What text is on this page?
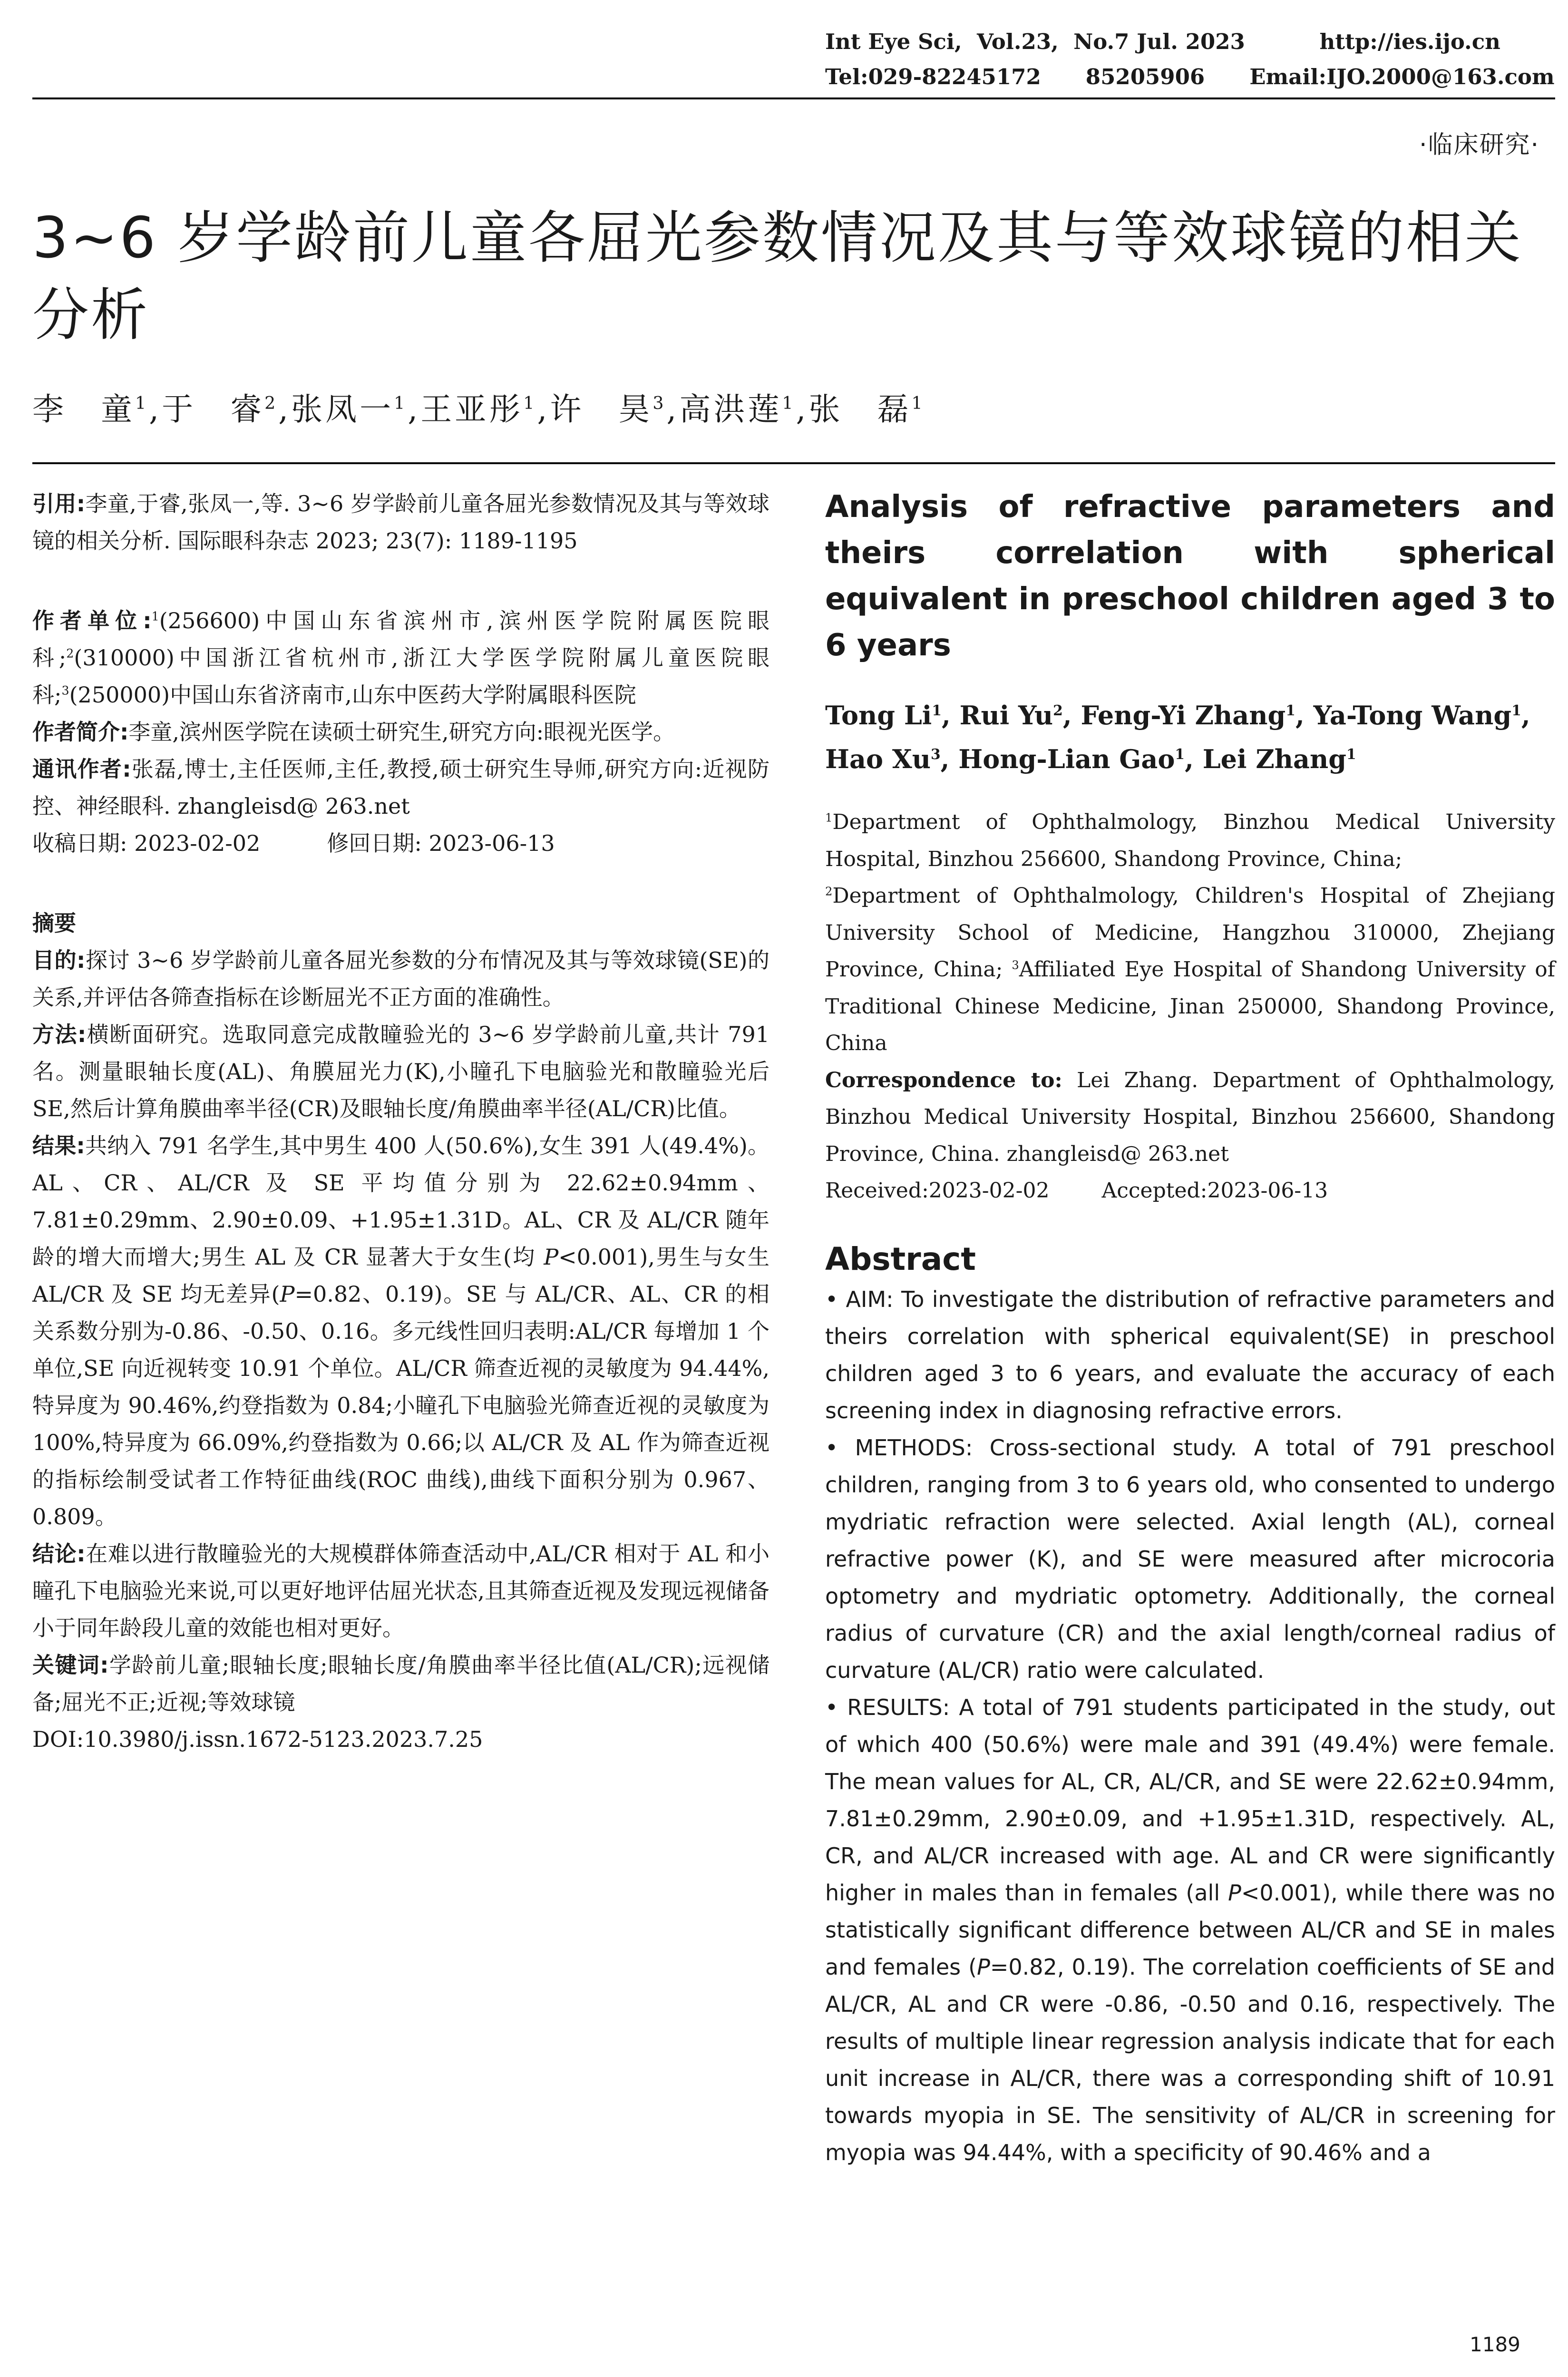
Int Eye Sci,  Vol.23,  No.7 Jul. 2023          http://ies.ijo.cn
Tel:029-82245172      85205906      Email:IJO.2000@163.com
·临床研究·
3~6 岁学龄前儿童各屈光参数情况及其与等效球镜的相关分析

李　童$^1$,于　睿$^2$,张凤一$^1$,王亚彤$^1$,许　昊$^3$,高洪莲$^1$,张　磊$^1$

引用:李童,于睿,张凤一,等. 3~6 岁学龄前儿童各屈光参数情况及其与等效球镜的相关分析. 国际眼科杂志 2023; 23(7): 1189-1195

作者单位:$^1$(256600)中国山东省滨州市,滨州医学院附属医院眼科;$^2$(310000)中国浙江省杭州市,浙江大学医学院附属儿童医院眼科;$^3$(250000)中国山东省济南市,山东中医药大学附属眼科医院

作者简介:李童,滨州医学院在读硕士研究生,研究方向:眼视光医学。

通讯作者:张磊,博士,主任医师,主任,教授,硕士研究生导师,研究方向:近视防控、神经眼科. zhangleisd@ 263.net

收稿日期: 2023-02-02	修回日期: 2023-06-13

摘要

目的:探讨 3~6 岁学龄前儿童各屈光参数的分布情况及其与等效球镜(SE)的关系,并评估各筛查指标在诊断屈光不正方面的准确性。

方法:横断面研究。选取同意完成散瞳验光的 3~6 岁学龄前儿童,共计 791 名。测量眼轴长度(AL)、角膜屈光力(K),小瞳孔下电脑验光和散瞳验光后 SE,然后计算角膜曲率半径(CR)及眼轴长度/角膜曲率半径(AL/CR)比值。

结果:共纳入 791 名学生,其中男生 400 人(50.6%),女生 391 人(49.4%)。AL、CR、AL/CR 及 SE 平均值分别为 22.62±0.94mm、7.81±0.29mm、2.90±0.09、+1.95±1.31D。AL、CR 及 AL/CR 随年龄的增大而增大;男生 AL 及 CR 显著大于女生(均 P<0.001),男生与女生 AL/CR 及 SE 均无差异(P=0.82、0.19)。SE 与 AL/CR、AL、CR 的相关系数分别为-0.86、-0.50、0.16。多元线性回归表明:AL/CR 每增加 1 个单位,SE 向近视转变 10.91 个单位。AL/CR 筛查近视的灵敏度为 94.44%,特异度为 90.46%,约登指数为 0.84;小瞳孔下电脑验光筛查近视的灵敏度为 100%,特异度为 66.09%,约登指数为 0.66;以 AL/CR 及 AL 作为筛查近视的指标绘制受试者工作特征曲线(ROC 曲线),曲线下面积分别为 0.967、0.809。

结论:在难以进行散瞳验光的大规模群体筛查活动中,AL/CR 相对于 AL 和小瞳孔下电脑验光来说,可以更好地评估屈光状态,且其筛查近视及发现远视储备小于同年龄段儿童的效能也相对更好。

关键词:学龄前儿童;眼轴长度;眼轴长度/角膜曲率半径比值(AL/CR);远视储备;屈光不正;近视;等效球镜

DOI:10.3980/j.issn.1672-5123.2023.7.25

Analysis of refractive parameters and theirs correlation with spherical equivalent in preschool children aged 3 to 6 years

Tong Li$^1$, Rui Yu$^2$, Feng-Yi Zhang$^1$, Ya-Tong Wang$^1$, Hao Xu$^3$, Hong-Lian Gao$^1$, Lei Zhang$^1$

$^1$Department of Ophthalmology, Binzhou Medical University Hospital, Binzhou 256600, Shandong Province, China;

$^2$Department of Ophthalmology, Children's Hospital of Zhejiang University School of Medicine, Hangzhou 310000, Zhejiang Province, China; $^3$Affiliated Eye Hospital of Shandong University of Traditional Chinese Medicine, Jinan 250000, Shandong Province, China

Correspondence to: Lei Zhang. Department of Ophthalmology, Binzhou Medical University Hospital, Binzhou 256600, Shandong Province, China. zhangleisd@ 263.net

Received:2023-02-02	Accepted:2023-06-13

Abstract

• AIM: To investigate the distribution of refractive parameters and theirs correlation with spherical equivalent(SE) in preschool children aged 3 to 6 years, and evaluate the accuracy of each screening index in diagnosing refractive errors.

• METHODS: Cross-sectional study. A total of 791 preschool children, ranging from 3 to 6 years old, who consented to undergo mydriatic refraction were selected. Axial length (AL), corneal refractive power (K), and SE were measured after microcoria optometry and mydriatic optometry. Additionally, the corneal radius of curvature (CR) and the axial length/corneal radius of curvature (AL/CR) ratio were calculated.

• RESULTS: A total of 791 students participated in the study, out of which 400 (50.6%) were male and 391 (49.4%) were female. The mean values for AL, CR, AL/CR, and SE were 22.62±0.94mm, 7.81±0.29mm, 2.90±0.09, and +1.95±1.31D, respectively. AL, CR, and AL/CR increased with age. AL and CR were significantly higher in males than in females (all P<0.001), while there was no statistically significant difference between AL/CR and SE in males and females (P=0.82, 0.19). The correlation coefficients of SE and AL/CR, AL and CR were -0.86, -0.50 and 0.16, respectively. The results of multiple linear regression analysis indicate that for each unit increase in AL/CR, there was a corresponding shift of 10.91 towards myopia in SE. The sensitivity of AL/CR in screening for myopia was 94.44%, with a specificity of 90.46% and a

1189
